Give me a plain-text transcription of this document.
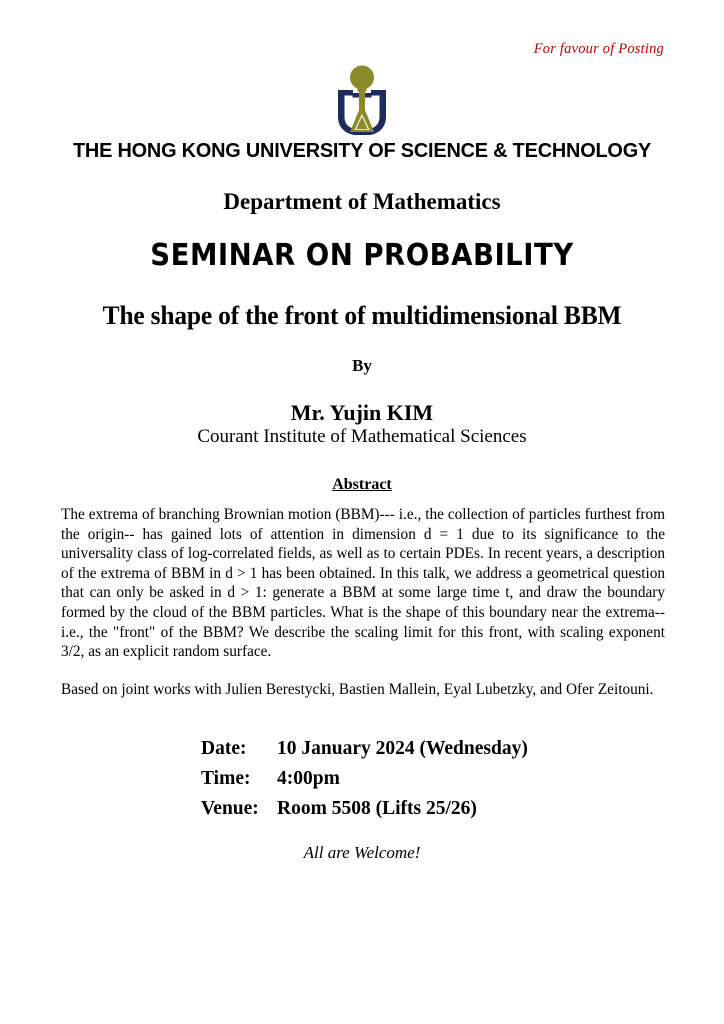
For favour of Posting
THE HONG KONG UNIVERSITY OF SCIENCE & TECHNOLOGY
Department of Mathematics
SEMINAR ON PROBABILITY
The shape of the front of multidimensional BBM
By
Mr. Yujin KIM
Courant Institute of Mathematical Sciences
Abstract

The extrema of branching Brownian motion (BBM)--- i.e., the collection of particles furthest from the origin-- has gained lots of attention in dimension d = 1 due to its significance to the universality class of log-correlated fields, as well as to certain PDEs. In recent years, a description of the extrema of BBM in d > 1 has been obtained. In this talk, we address a geometrical question that can only be asked in d > 1: generate a BBM at some large time t, and draw the boundary formed by the cloud of the BBM particles. What is the shape of this boundary near the extrema-- i.e., the "front" of the BBM? We describe the scaling limit for this front, with scaling exponent 3/2, as an explicit random surface.

Based on joint works with Julien Berestycki, Bastien Mallein, Eyal Lubetzky, and Ofer Zeitouni.

Date:	10 January 2024 (Wednesday)
Time:	4:00pm
Venue: Room 5508 (Lifts 25/26)
All are Welcome!
